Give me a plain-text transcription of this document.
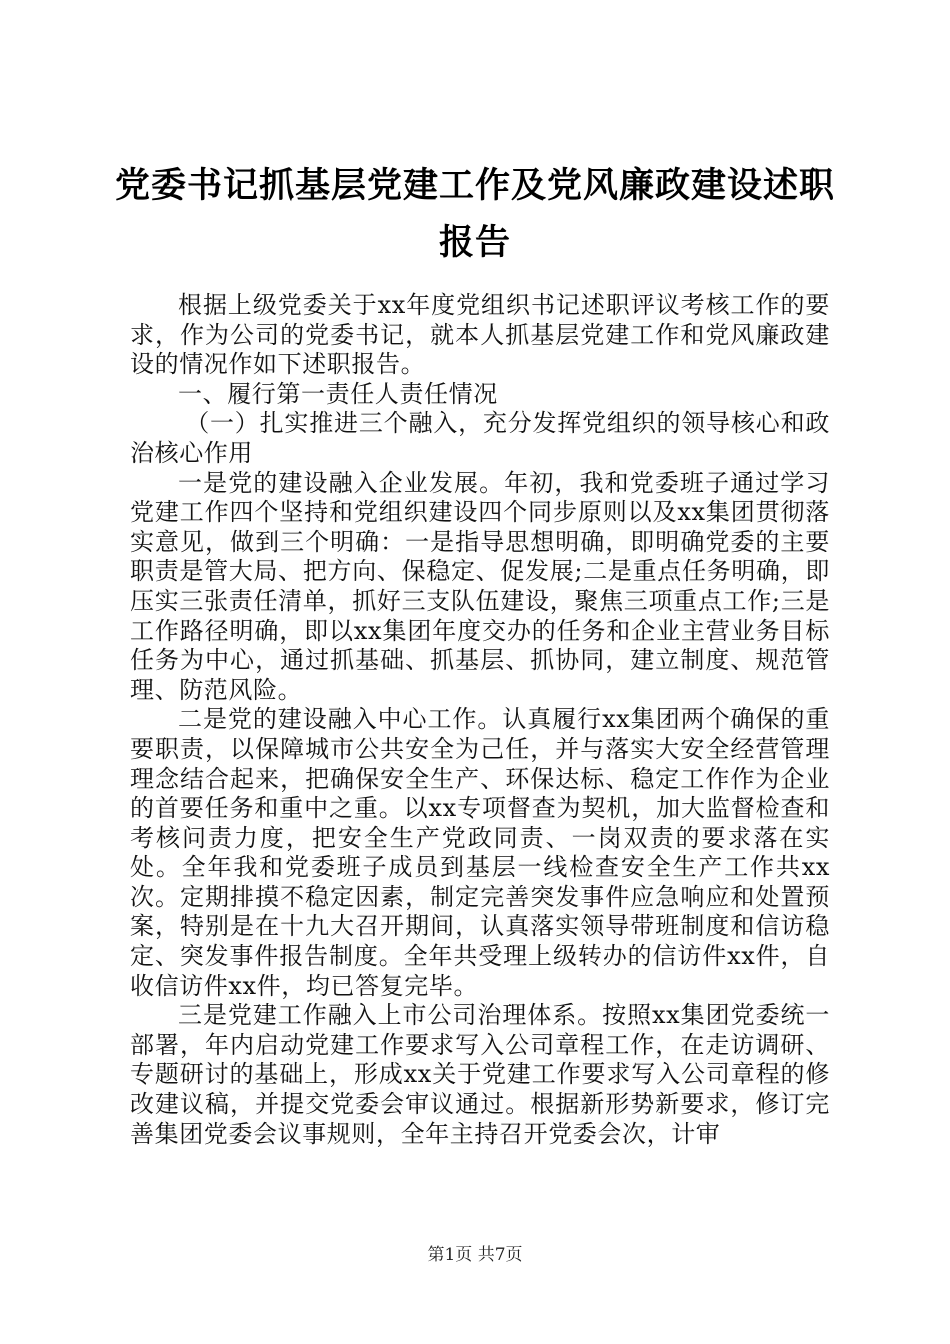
党委书记抓基层党建工作及党风廉政建设述职报告

根据上级党委关于xx年度党组织书记述职评议考核工作的要求，作为公司的党委书记，就本人抓基层党建工作和党风廉政建设的情况作如下述职报告。

一、履行第一责任人责任情况

（一）扎实推进三个融入，充分发挥党组织的领导核心和政治核心作用

一是党的建设融入企业发展。年初，我和党委班子通过学习党建工作四个坚持和党组织建设四个同步原则以及xx集团贯彻落实意见，做到三个明确：一是指导思想明确，即明确党委的主要职责是管大局、把方向、保稳定、促发展;二是重点任务明确，即压实三张责任清单，抓好三支队伍建设，聚焦三项重点工作;三是工作路径明确，即以xx集团年度交办的任务和企业主营业务目标任务为中心，通过抓基础、抓基层、抓协同，建立制度、规范管理、防范风险。

二是党的建设融入中心工作。认真履行xx集团两个确保的重要职责，以保障城市公共安全为己任，并与落实大安全经营管理理念结合起来，把确保安全生产、环保达标、稳定工作作为企业的首要任务和重中之重。以xx专项督查为契机，加大监督检查和考核问责力度，把安全生产党政同责、一岗双责的要求落在实处。全年我和党委班子成员到基层一线检查安全生产工作共xx次。定期排摸不稳定因素，制定完善突发事件应急响应和处置预案，特别是在十九大召开期间，认真落实领导带班制度和信访稳定、突发事件报告制度。全年共受理上级转办的信访件xx件，自收信访件xx件，均已答复完毕。

三是党建工作融入上市公司治理体系。按照xx集团党委统一部署，年内启动党建工作要求写入公司章程工作，在走访调研、专题研讨的基础上，形成xx关于党建工作要求写入公司章程的修改建议稿，并提交党委会审议通过。根据新形势新要求，修订完善集团党委会议事规则，全年主持召开党委会次，计审

第1页 共7页
